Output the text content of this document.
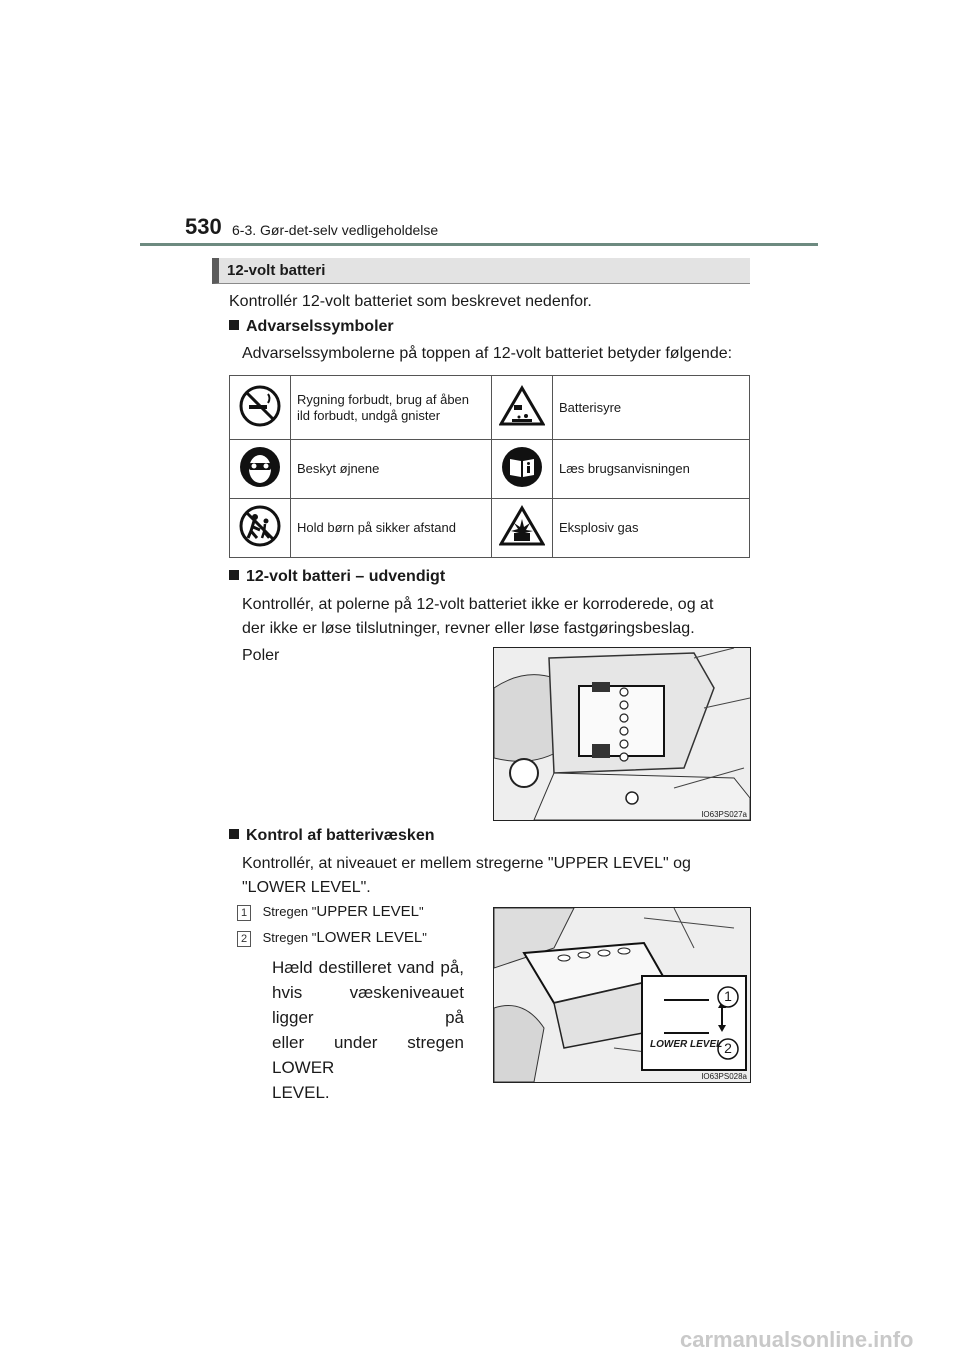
530 6-3. Gør-det-selv vedligeholdelse
12-volt batteri
Kontrollér 12-volt batteriet som beskrevet nedenfor.
Advarselssymboler
Advarselssymbolerne på toppen af 12-volt batteriet betyder følgende:
	Rygning forbudt, brug af åben ild forbudt, undgå gnister		Batterisyre
	Beskyt øjnene		Læs brugsanvisningen
	Hold børn på sikker afstand		Eksplosiv gas
12-volt batteri – udvendigt
Kontrollér, at polerne på 12-volt batteriet ikke er korroderede, og at
der ikke er løse tilslutninger, revner eller løse fastgøringsbeslag.
Poler
IO63PS027a
Kontrol af batterivæsken
Kontrollér, at niveauet er mellem stregerne "UPPER LEVEL" og
"LOWER LEVEL".
1 Stregen "UPPER LEVEL"
2 Stregen "LOWER LEVEL"
Hæld destilleret vand på,
hvis væskeniveauet ligger på
eller under stregen LOWER
LEVEL.
1
2
LOWER LEVEL
IO63PS028a
carmanualsonline.info
